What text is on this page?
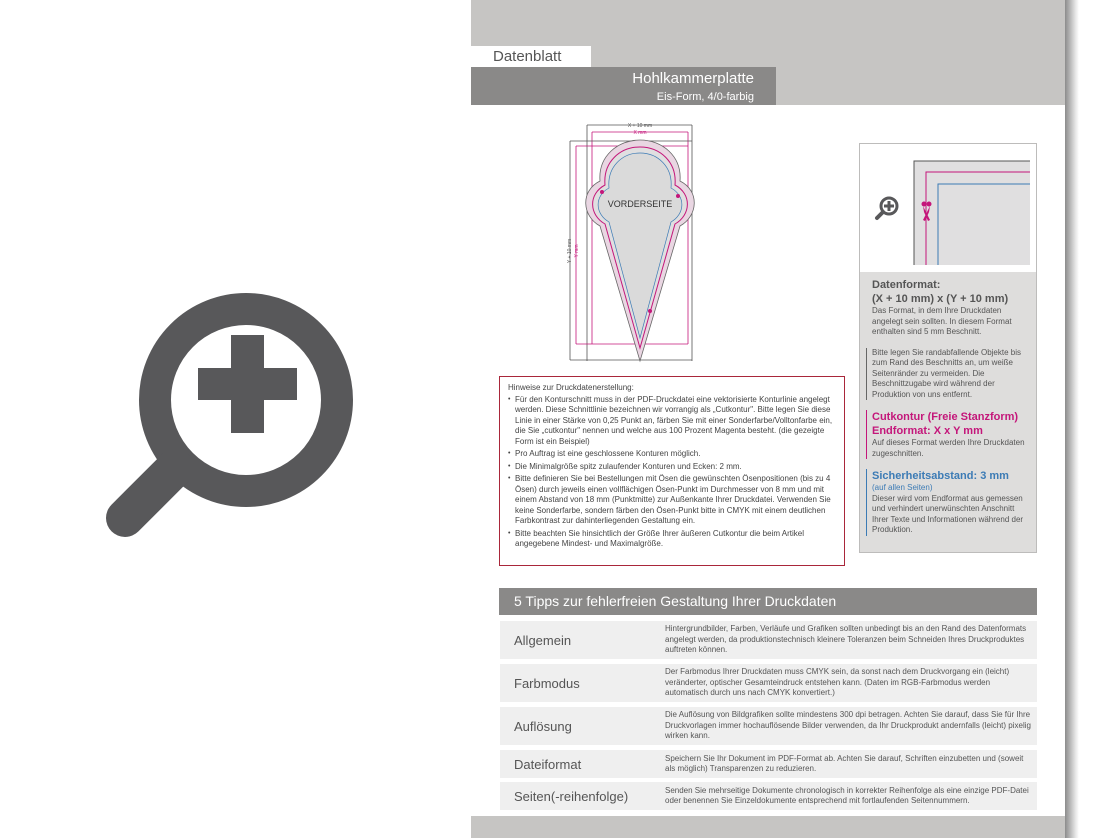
Datenblatt
Hohlkammerplatte
Eis-Form, 4/0-farbig
X + 10 mm
X mm
Y + 10 mm Y mm
VORDERSEITE
Datenformat:
(X + 10 mm) x (Y + 10 mm)
Das Format, in dem Ihre Druckdaten angelegt sein sollten. In diesem Format enthalten sind 5 mm Beschnitt.
Bitte legen Sie randabfallende Objekte bis zum Rand des Beschnitts an, um weiße Seitenränder zu vermeiden. Die Beschnittzugabe wird während der Produktion von uns entfernt.
Cutkontur (Freie Stanzform)
Endformat: X x Y mm
Auf dieses Format werden Ihre Druckdaten zugeschnitten.
Sicherheitsabstand: 3 mm
(auf allen Seiten)
Dieser wird vom Endformat aus gemessen und verhindert unerwünschten Anschnitt Ihrer Texte und Informationen während der Produktion.
Hinweise zur Druckdatenerstellung:
• Für den Konturschnitt muss in der PDF-Druckdatei eine vektorisierte Konturlinie angelegt werden. Diese Schnittlinie bezeichnen wir vorrangig als „Cutkontur". Bitte legen Sie diese Linie in einer Stärke von 0,25 Punkt an, färben Sie mit einer Sonderfarbe/Volltonfarbe ein, die Sie „cutkontur" nennen und welche aus 100 Prozent Magenta besteht. (die gezeigte Form ist ein Beispiel)
• Pro Auftrag ist eine geschlossene Konturen möglich.
• Die Minimalgröße spitz zulaufender Konturen und Ecken: 2 mm.
• Bitte definieren Sie bei Bestellungen mit Ösen die gewünschten Ösenpositionen (bis zu 4 Ösen) durch jeweils einen vollflächigen Ösen-Punkt im Durchmesser von 8 mm und mit einem Abstand von 18 mm (Punktmitte) zur Außenkante Ihrer Druckdatei. Verwenden Sie keine Sonderfarbe, sondern färben den Ösen-Punkt bitte in CMYK mit einem deutlichen Farbkontrast zur dahinterliegenden Gestaltung ein.
• Bitte beachten Sie hinsichtlich der Größe Ihrer äußeren Cutkontur die beim Artikel angegebene Mindest- und Maximalgröße.
5 Tipps zur fehlerfreien Gestaltung Ihrer Druckdaten
Allgemein
Hintergrundbilder, Farben, Verläufe und Grafiken sollten unbedingt bis an den Rand des Datenformats angelegt werden, da produktionstechnisch kleinere Toleranzen beim Schneiden Ihres Druckproduktes auftreten können.
Farbmodus
Der Farbmodus Ihrer Druckdaten muss CMYK sein, da sonst nach dem Druckvorgang ein (leicht) veränderter, optischer Gesamteindruck entstehen kann. (Daten im RGB-Farbmodus werden automatisch durch uns nach CMYK konvertiert.)
Auflösung
Die Auflösung von Bildgrafiken sollte mindestens 300 dpi betragen. Achten Sie darauf, dass Sie für Ihre Druckvorlagen immer hochauflösende Bilder verwenden, da Ihr Druckprodukt andernfalls (leicht) pixelig wirken kann.
Dateiformat	Speichern Sie Ihr Dokument im PDF-Format ab. Achten Sie darauf, Schriften einzubetten und (soweit als möglich) Transparenzen zu reduzieren.
Seiten(-reihenfolge)	Senden Sie mehrseitige Dokumente chronologisch in korrekter Reihenfolge als eine einzige PDF-Datei oder benennen Sie Einzeldokumente entsprechend mit fortlaufenden Seitennummern.
